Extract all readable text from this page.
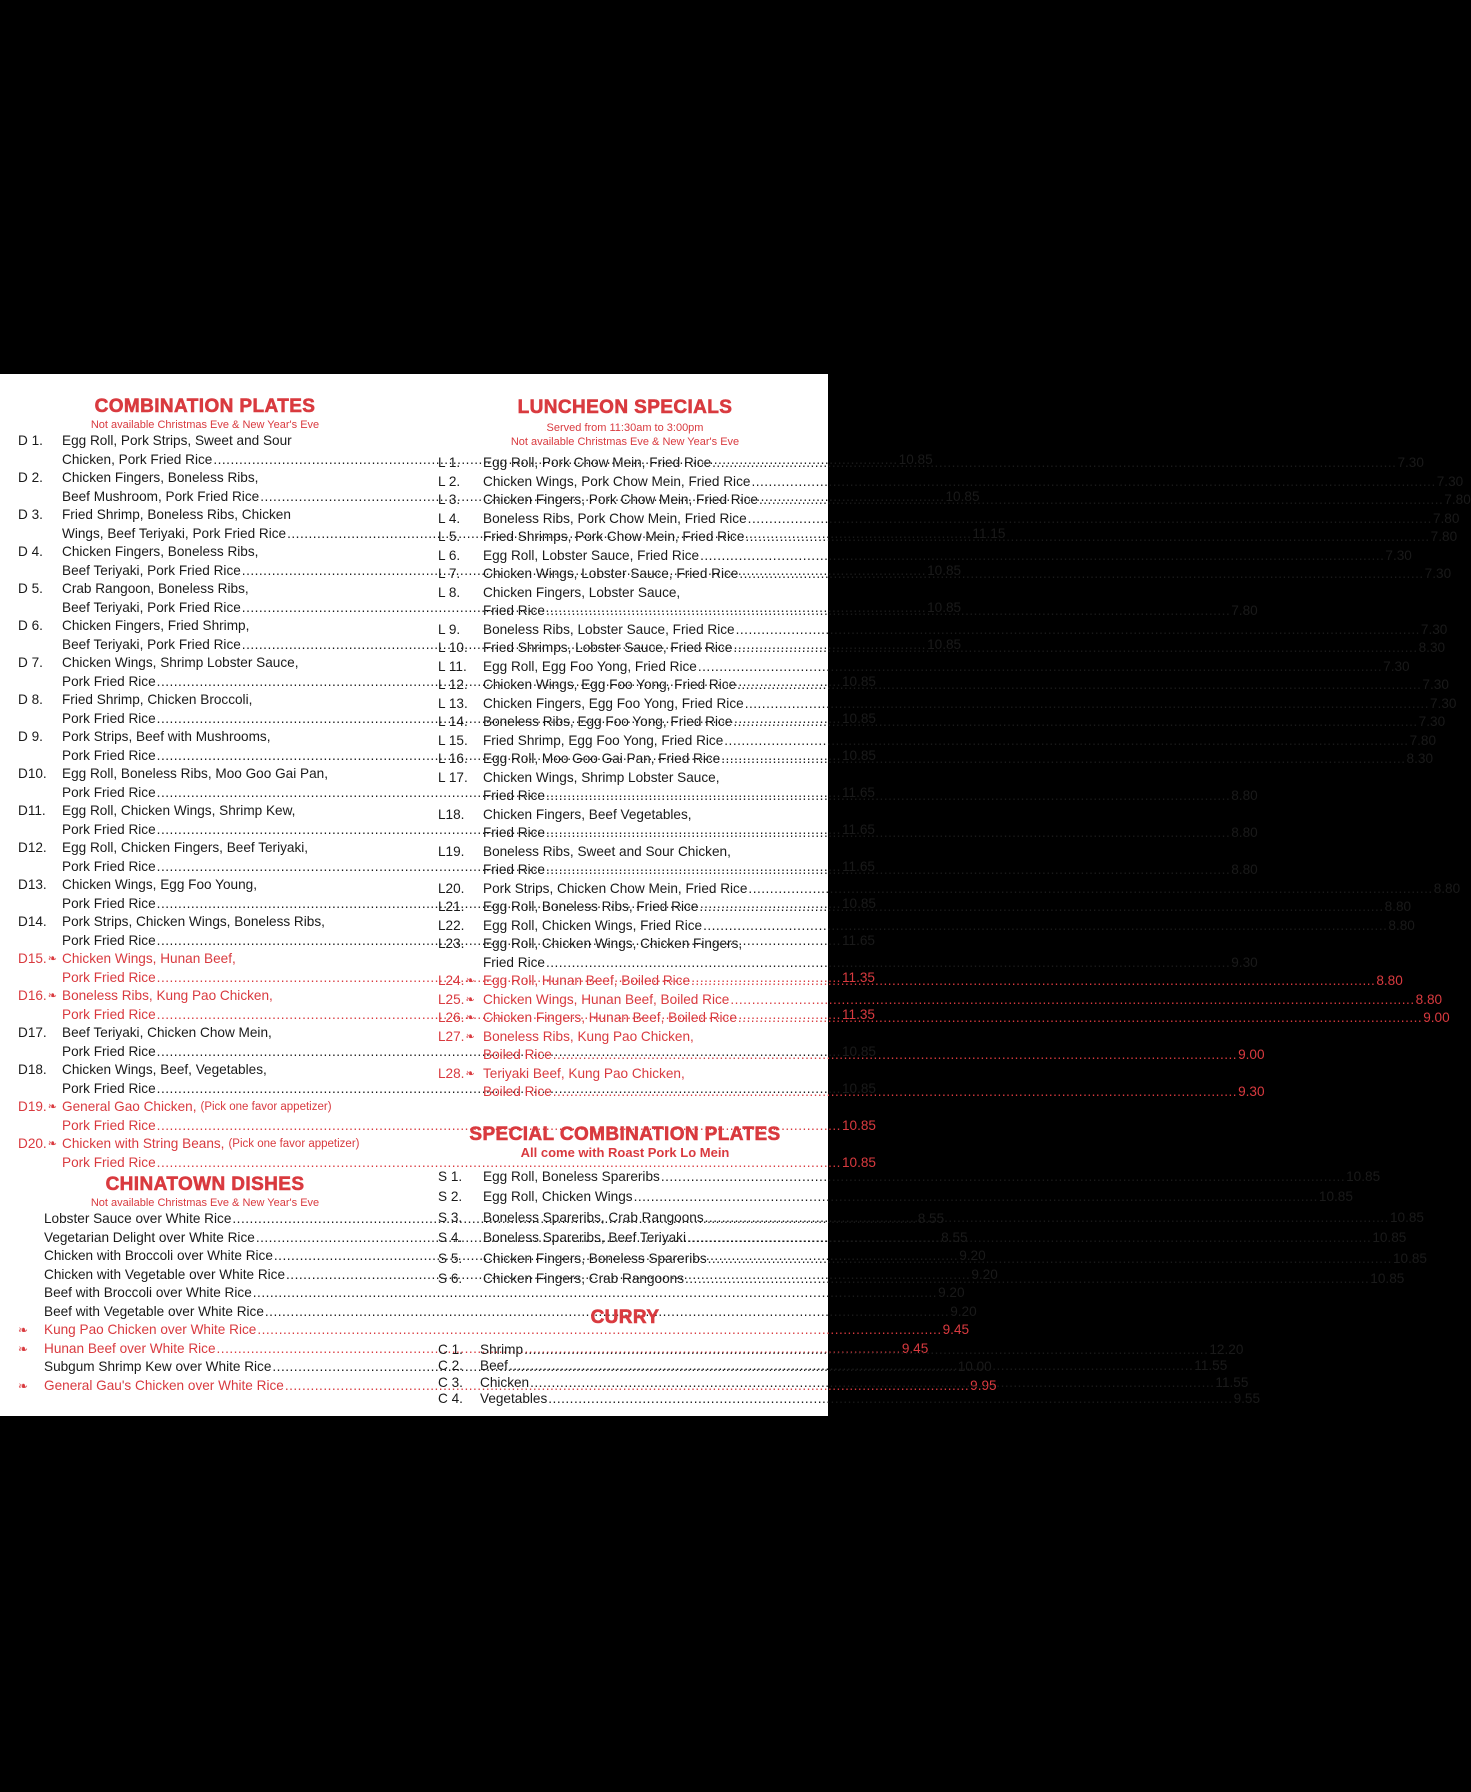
COMBINATION PLATES
Not available Christmas Eve & New Year's Eve
D 1. Egg Roll, Pork Strips, Sweet and Sour
Chicken, Pork Fried Rice .....	10.85
D 2. Chicken Fingers, Boneless Ribs,
Beef Mushroom, Pork Fried Rice .....	10.85
D 3. Fried Shrimp, Boneless Ribs, Chicken
Wings, Beef Teriyaki, Pork Fried Rice .....	11.15
D 4. Chicken Fingers, Boneless Ribs,
Beef Teriyaki, Pork Fried Rice .....	10.85
D 5. Crab Rangoon, Boneless Ribs,
Beef Teriyaki, Pork Fried Rice .....	10.85
D 6. Chicken Fingers, Fried Shrimp,
Beef Teriyaki, Pork Fried Rice .....	10.85
D 7. Chicken Wings, Shrimp Lobster Sauce,
Pork Fried Rice .....	10.85
D 8. Fried Shrimp, Chicken Broccoli,
Pork Fried Rice .....	10.85
D 9. Pork Strips, Beef with Mushrooms,
Pork Fried Rice .....	10.85
D10. Egg Roll, Boneless Ribs, Moo Goo Gai Pan,
Pork Fried Rice .....	11.65
D11. Egg Roll, Chicken Wings, Shrimp Kew,
Pork Fried Rice .....	11.65
D12. Egg Roll, Chicken Fingers, Beef Teriyaki,
Pork Fried Rice .....	11.65
D13. Chicken Wings, Egg Foo Young,
Pork Fried Rice .....	10.85
D14. Pork Strips, Chicken Wings, Boneless Ribs,
Pork Fried Rice .....	11.65
D15. ❧ Chicken Wings, Hunan Beef,
Pork Fried Rice .....	11.35
D16. ❧ Boneless Ribs, Kung Pao Chicken,
Pork Fried Rice .....	11.35
D17. Beef Teriyaki, Chicken Chow Mein,
Pork Fried Rice .....	10.85
D18. Chicken Wings, Beef, Vegetables,
Pork Fried Rice .....	10.85
D19. ❧ General Gao Chicken, (Pick one favor appetizer)
Pork Fried Rice .....	10.85
D20. ❧ Chicken with String Beans, (Pick one favor appetizer)
Pork Fried Rice .....	10.85
CHINATOWN DISHES
Not available Christmas Eve & New Year's Eve
Lobster Sauce over White Rice .....	8.55
Vegetarian Delight over White Rice .....	8.55
Chicken with Broccoli over White Rice .....	9.20
Chicken with Vegetable over White Rice .....	9.20
Beef with Broccoli over White Rice .....	9.20
Beef with Vegetable over White Rice .....	9.20
❧	Kung Pao Chicken over White Rice .....	9.45
❧	Hunan Beef over White Rice .....	9.45
Subgum Shrimp Kew over White Rice .....	10.00
❧	General Gau's Chicken over White Rice .....	9.95
LUNCHEON SPECIALS
Served from 11:30am to 3:00pm
Not available Christmas Eve & New Year's Eve
L 1. Egg Roll, Pork Chow Mein, Fried Rice .....	7.30
L 2. Chicken Wings, Pork Chow Mein, Fried Rice .....	7.30
L 3. Chicken Fingers, Pork Chow Mein, Fried Rice .....	7.80
L 4. Boneless Ribs, Pork Chow Mein, Fried Rice .....	7.80
L 5. Fried Shrimps, Pork Chow Mein, Fried Rice .....	7.80
L 6. Egg Roll, Lobster Sauce, Fried Rice .....	7.30
L 7. Chicken Wings, Lobster Sauce, Fried Rice .....	7.30
L 8. Chicken Fingers, Lobster Sauce,
Fried Rice .....	7.80
L 9. Boneless Ribs, Lobster Sauce, Fried Rice .....	7.30
L 10. Fried Shrimps, Lobster Sauce, Fried Rice .....	8.30
L 11. Egg Roll, Egg Foo Yong, Fried Rice .....	7.30
L 12. Chicken Wings, Egg Foo Yong, Fried Rice .....	7.30
L 13. Chicken Fingers, Egg Foo Yong, Fried Rice .....	7.30
L 14. Boneless Ribs, Egg Foo Yong, Fried Rice .....	7.30
L 15. Fried Shrimp, Egg Foo Yong, Fried Rice .....	7.80
L 16. Egg Roll, Moo Goo Gai Pan, Fried Rice .....	8.30
L 17. Chicken Wings, Shrimp Lobster Sauce,
Fried Rice .....	8.80
L18. Chicken Fingers, Beef Vegetables,
Fried Rice .....	8.80
L19. Boneless Ribs, Sweet and Sour Chicken,
Fried Rice .....	8.80
L20. Pork Strips, Chicken Chow Mein, Fried Rice .....	8.80
L21. Egg Roll, Boneless Ribs, Fried Rice .....	8.80
L22. Egg Roll, Chicken Wings, Fried Rice .....	8.80
L23. Egg Roll, Chicken Wings, Chicken Fingers,
Fried Rice .....	9.30
L24. ❧ Egg Roll, Hunan Beef, Boiled Rice .....	8.80
L25. ❧ Chicken Wings, Hunan Beef, Boiled Rice .....	8.80
L26. ❧ Chicken Fingers, Hunan Beef, Boiled Rice .....	9.00
L27. ❧ Boneless Ribs, Kung Pao Chicken,
Boiled Rice .....	9.00
L28. ❧ Teriyaki Beef, Kung Pao Chicken,
Boiled Rice .....	9.30
SPECIAL COMBINATION PLATES
All come with Roast Pork Lo Mein
S 1. Egg Roll, Boneless Spareribs .....	10.85
S 2. Egg Roll, Chicken Wings .....	10.85
S 3. Boneless Spareribs, Crab Rangoons .....	10.85
S 4. Boneless Spareribs, Beef Teriyaki .....	10.85
S 5. Chicken Fingers, Boneless Spareribs .....	10.85
S 6. Chicken Fingers, Crab Rangoons .....	10.85
CURRY
C 1. Shrimp .....	12.20
C 2. Beef .....	11.55
C 3. Chicken .....	11.55
C 4. Vegetables .....	9.55
